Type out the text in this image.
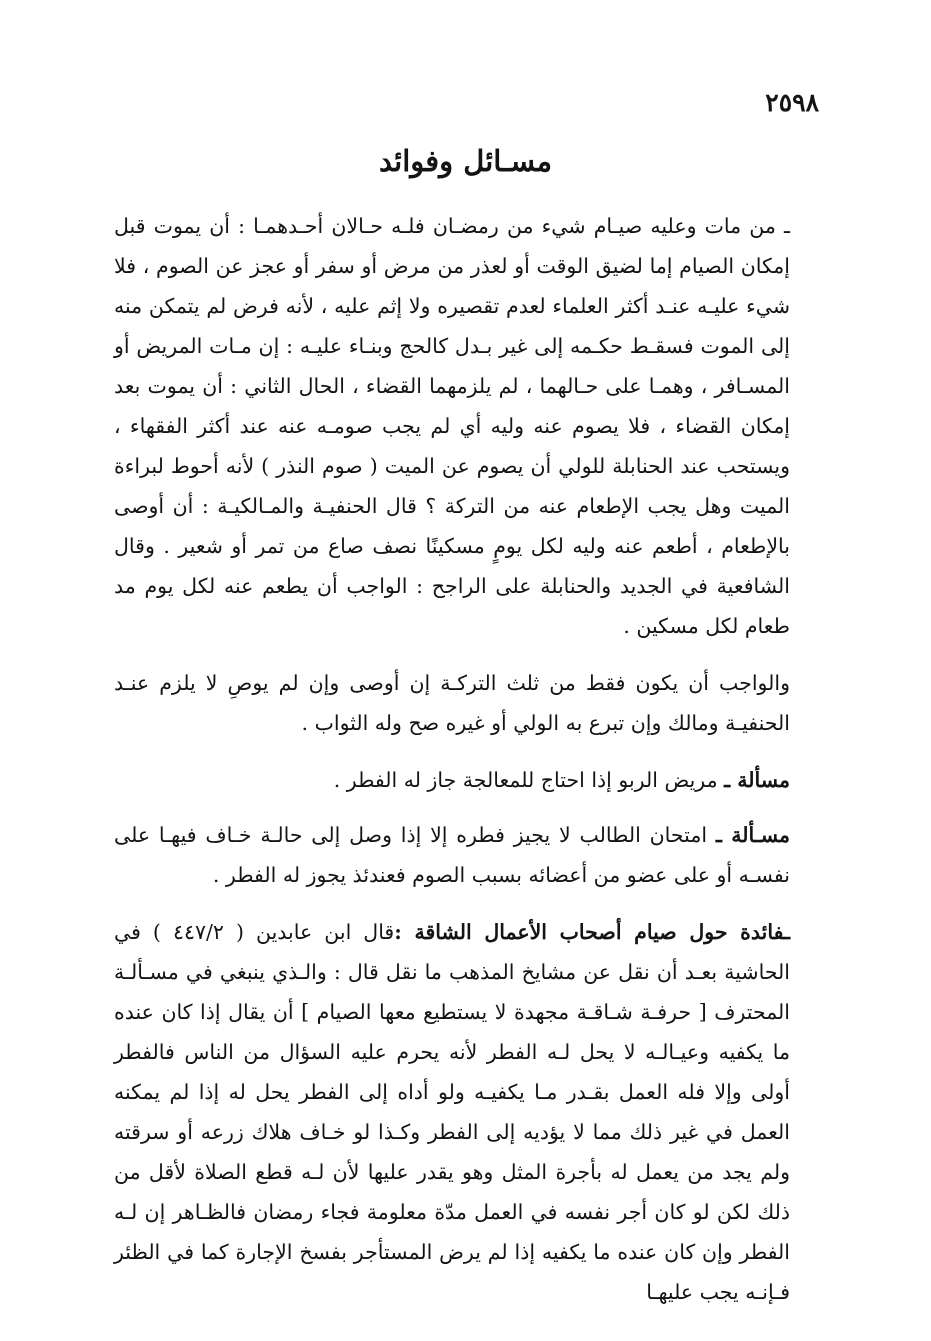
٢٥٩٨
مسـائل وفوائد

ـ من مات وعليه صيـام شيء من رمضـان فلـه حـالان أحـدهمـا : أن يموت قبل إمكان الصيام إما لضيق الوقت أو لعذر من مرض أو سفر أو عجز عن الصوم ، فلا شيء عليـه عنـد أكثر العلماء لعدم تقصيره ولا إثم عليه ، لأنه فرض لم يتمكن منه إلى الموت فسقـط حكـمه إلى غير بـدل كالحج وبنـاء عليـه : إن مـات المريض أو المسـافر ، وهمـا على حـالهما ، لم يلزمهما القضاء ، الحال الثاني : أن يموت بعد إمكان القضاء ، فلا يصوم عنه وليه أي لم يجب صومـه عنه عند أكثر الفقهاء ، ويستحب عند الحنابلة للولي أن يصوم عن الميت ( صوم النذر ) لأنه أحوط لبراءة الميت وهل يجب الإطعام عنه من التركة ؟ قال الحنفيـة والمـالكيـة : أن أوصى بالإطعام ، أطعم عنه وليه لكل يومٍ مسكينًا نصف صاع من تمر أو شعير . وقال الشافعية في الجديد والحنابلة على الراجح : الواجب أن يطعم عنه لكل يوم مد طعام لكل مسكين .

والواجب أن يكون فقط من ثلث التركـة إن أوصى وإن لم يوصِ لا يلزم عنـد الحنفيـة ومالك وإن تبرع به الولي أو غيره صح وله الثواب .

مسألة ـ مريض الربو إذا احتاج للمعالجة جاز له الفطر .

مسـألة ـ امتحان الطالب لا يجيز فطره إلا إذا وصل إلى حالـة خـاف فيهـا على نفسـه أو على عضو من أعضائه بسبب الصوم فعندئذ يجوز له الفطر .

ـفائدة حول صيام أصحاب الأعمال الشاقة :قال ابن عابدين ( ٤٤٧/٢ ) في الحاشية بعـد أن نقل عن مشايخ المذهب ما نقل قال : والـذي ينبغي في مسـألـة المحترف [ حرفـة شـاقـة مجهدة لا يستطيع معها الصيام ] أن يقال إذا كان عنده ما يكفيه وعيـالـه لا يحل لـه الفطر لأنه يحرم عليه السؤال من الناس فالفطر أولى وإلا فله العمل بقـدر مـا يكفيـه ولو أداه إلى الفطر يحل له إذا لم يمكنه العمل في غير ذلك مما لا يؤديه إلى الفطر وكـذا لو خـاف هلاك زرعه أو سرقته ولم يجد من يعمل له بأجرة المثل وهو يقدر عليها لأن لـه قطع الصلاة لأقل من ذلك لكن لو كان أجر نفسه في العمل مدّة معلومة فجاء رمضان فالظـاهر إن لـه الفطر وإن كان عنده ما يكفيه إذا لم يرض المستأجر بفسخ الإجارة كما في الظئر فـإنـه يجب عليهـا
